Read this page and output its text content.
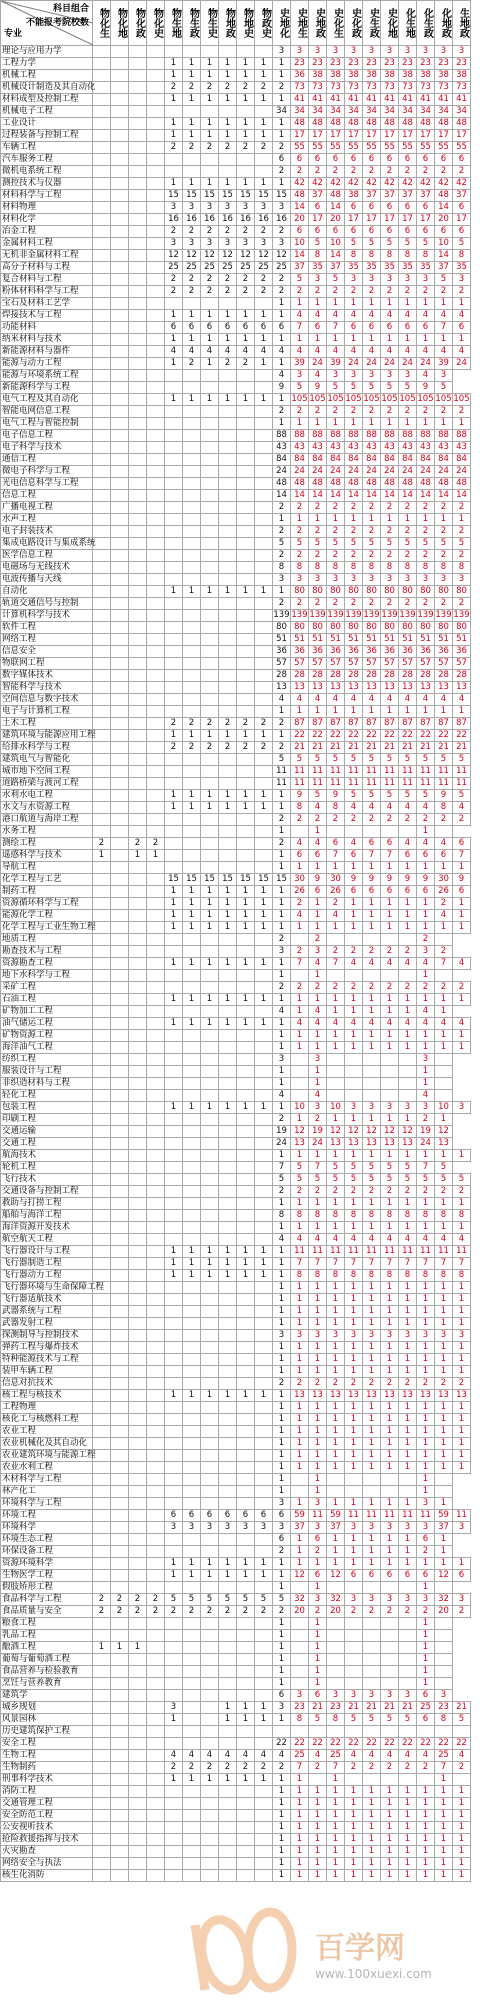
科目组合
不能报考院校数
专业	物化生	物化地	物化政	物化史	物生地	物生政	物生史	物地政	物地史	物政史	史地化	史地生	史地政	史化生	史化政	史生政	史化地	化生地	化生政	化地政	生地政

理论与应用力学											3	3	3	3	3	3	3	3	3	3	3
工程力学					1	1	1	1	1	1	1	23	23	23	23	23	23	23	23	23	23
机械工程					1	1	1	1	1	1	1	36	38	38	38	38	38	38	38	38	38
机械设计制造及其自动化					2	2	2	2	2	2	2	73	73	73	73	73	73	73	73	73	73
材料成型及控制工程					1	1	1	1	1	1	1	41	41	41	41	41	41	41	41	41	41
机械电子工程											34	34	34	34	34	34	34	34	34	34	34
工业设计					1	1	1	1	1	1	1	48	48	48	48	48	48	48	48	48	48
过程装备与控制工程					1	1	1	1	1	1	1	17	17	17	17	17	17	17	17	17	17
车辆工程					2	2	2	2	2	2	2	55	55	55	55	55	55	55	55	55	55
汽车服务工程											6	6	6	6	6	6	6	6	6	6	6
微机电系统工程											2	2	2	2	2	2	2	2	2	2	2
测控技术与仪器					1	1	1	1	1	1	1	42	42	42	42	42	42	42	42	42	42
材料科学与工程					15	15	15	15	15	15	15	48	37	48	38	37	37	37	37	48	37
材料物理					3	3	3	3	3	3	3	14	6	14	6	6	6	6	6	14	6
材料化学					16	16	16	16	16	16	16	20	17	20	17	17	17	17	17	20	17
冶金工程					2	2	2	2	2	2	2	6	6	6	6	6	6	6	6	6	6
金属材料工程					3	3	3	3	3	3	3	10	5	10	5	5	5	5	5	10	5
无机非金属材料工程					12	12	12	12	12	12	12	14	8	14	8	8	8	8	8	14	8
高分子材料与工程					25	25	25	25	25	25	25	37	35	37	35	35	35	35	35	37	35
复合材料与工程					2	2	2	2	2	2	2	5	3	5	3	3	3	3	3	5	3
粉体材料科学与工程					2	2	2	2	2	2	2	2	2	2	2	2	2	2	2	2	2
宝石及材料工艺学											1	1	1	1	1	1	1	1	1	1	1
焊接技术与工程					1	1	1	1	1	1	1	4	4	4	4	4	4	4	4	4	4
功能材料					6	6	6	6	6	6	6	7	6	7	6	6	6	6	6	7	6
纳米材料与技术					1	1	1	1	1	1	1	1	1	1	1	1	1	1	1	1	1
新能源材料与器件					4	4	4	4	4	4	4	4	4	4	4	4	4	4	4	4	4
能源与动力工程					1	2	1	2	2	1	1	39	24	39	24	24	24	24	24	39	24
能源与环境系统工程											4	3	4	3	3	3	3	3	4	3	
新能源科学与工程											9	5	9	5	5	5	5	5	9	5	
电气工程及其自动化					1	1	1	1	1	1	1	105	105	105	105	105	105	105	105	105	105
智能电网信息工程											2	2	2	2	2	2	2	2	2	2	2
电气工程与智能控制											1	1	1	1	1	1	1	1	1	1	1
电子信息工程											88	88	88	88	88	88	88	88	88	88	88
电子科学与技术											43	43	43	43	43	43	43	43	43	43	43
通信工程											84	84	84	84	84	84	84	84	84	84	84
微电子科学与工程											24	24	24	24	24	24	24	24	24	24	24
光电信息科学与工程											48	48	48	48	48	48	48	48	48	48	48
信息工程											14	14	14	14	14	14	14	14	14	14	14
广播电视工程											2	2	2	2	2	2	2	2	2	2	2
水声工程											1	1	1	1	1	1	1	1	1	1	1
电子封装技术											2	2	2	2	2	2	2	2	2	2	2
集成电路设计与集成系统											5	5	5	5	5	5	5	5	5	5	5
医学信息工程											2	2	2	2	2	2	2	2	2	2	2
电磁场与无线技术											8	8	8	8	8	8	8	8	8	8	8
电波传播与天线											3	3	3	3	3	3	3	3	3	3	3
自动化					1	1	1	1	1	1	1	80	80	80	80	80	80	80	80	80	80
轨道交通信号与控制											2	2	2	2	2	2	2	2	2	2	2
计算机科学与技术											139	139	139	139	139	139	139	139	139	139	139
软件工程											80	80	80	80	80	80	80	80	80	80	80
网络工程											51	51	51	51	51	51	51	51	51	51	51
信息安全											36	36	36	36	36	36	36	36	36	36	36
物联网工程											57	57	57	57	57	57	57	57	57	57	57
数字媒体技术											28	28	28	28	28	28	28	28	28	28	28
智能科学与技术											13	13	13	13	13	13	13	13	13	13	13
空间信息与数字技术											4	4	4	4	4	4	4	4	4	4	4
电子与计算机工程											1	1	1	1	1	1	1	1	1	1	1
土木工程					2	2	2	2	2	2	2	87	87	87	87	87	87	87	87	87	87
建筑环境与能源应用工程					1	1	1	1	1	1	1	22	22	22	22	22	22	22	22	22	22
给排水科学与工程					2	2	2	2	2	2	2	21	21	21	21	21	21	21	21	21	21
建筑电气与智能化											5	5	5	5	5	5	5	5	5	5	5
城市地下空间工程											11	11	11	11	11	11	11	11	11	11	11
道路桥梁与渡河工程											11	11	11	11	11	11	11	11	11	11	11
水利水电工程					1	1	1	1	1	1	1	9	5	9	5	5	5	5	5	9	5
水文与水资源工程					1	1	1	1	1	1	1	8	4	8	4	4	4	4	4	8	4
港口航道与海岸工程											2	2	2	2	2	2	2	2	2	2	2
水务工程											1		1						1		
测绘工程	2		2	2							2	4	4	6	4	6	6	4	4	4	6
遥感科学与技术	1		1	1							1	6	6	7	6	7	7	6	6	6	7
导航工程											1	1	1	1	1	1	1	1	1	1	1
化学工程与工艺					15	15	15	15	15	15	15	30	9	30	9	9	9	9	9	30	9
制药工程					1	1	1	1	1	1	1	26	6	26	6	6	6	6	6	26	6
资源循环科学与工程					1	1	1	1	1	1	1	2	1	2	1	1	1	1	1	2	1
能源化学工程					1	1	1	1	1	1	1	4	1	4	1	1	1	1	1	4	1
化学工程与工业生物工程					1	1	1	1	1	1	1	1	1	1	1	1	1	1	1	1	1
地质工程											2		2						2		
勘查技术与工程											3	2	3	2	2	2	2	2	3	2	
资源勘查工程					1	1	1	1	1	1	1	7	4	7	4	4	4	4	4	7	4
地下水科学与工程											1		1						1		
采矿工程											2	2	2	2	2	2	2	2	2	2	2
石油工程					1	1	1	1	1	1	1	1	1	1	1	1	1	1	1	1	1
矿物加工工程											4	1	4	1	1	1	1	1	4	1	
油气储运工程					1	1	1	1	1	1	1	4	4	4	4	4	4	4	4	4	4
矿物资源工程											1	1	1	1	1	1	1	1	1	1	1
海洋油气工程											1	1	1	1	1	1	1	1	1	1	1
纺织工程											3		3						3		
服装设计与工程											1		1						1		
非织造材料与工程											1		1						1		
轻化工程											4		4						4		
包装工程					1	1	1	1	1	1	1	10	3	10	3	3	3	3	3	10	3
印刷工程											2	1	2	1	1	1	1	1	2	1	
交通运输											19	12	19	12	12	12	12	12	19	12	
交通工程											24	13	24	13	13	13	13	13	24	13	
航海技术											1	1	1	1	1	1	1	1	1	1	1
轮机工程											7	5	7	5	5	5	5	5	7	5	
飞行技术											5	5	5	5	5	5	5	5	5	5	5
交通设备与控制工程											2	2	2	2	2	2	2	2	2	2	2
救助与打捞工程											1	1	1	1	1	1	1	1	1	1	1
船舶与海洋工程											8	8	8	8	8	8	8	8	8	8	8
海洋资源开发技术											1	1	1	1	1	1	1	1	1	1	1
航空航天工程											4	4	4	4	4	4	4	4	4	4	4
飞行器设计与工程					1	1	1	1	1	1	1	11	11	11	11	11	11	11	11	11	11
飞行器制造工程					1	1	1	1	1	1	1	7	7	7	7	7	7	7	7	7	7
飞行器动力工程					1	1	1	1	1	1	1	8	8	8	8	8	8	8	8	8	8
飞行器环境与生命保障工程											1	1	1	1	1	1	1	1	1	1	1
飞行器适航技术											1	1	1	1	1	1	1	1	1	1	1
武器系统与工程											1	1	1	1	1	1	1	1	1	1	1
武器发射工程											1	1	1	1	1	1	1	1	1	1	1
探测制导与控制技术											3	3	3	3	3	3	3	3	3	3	3
弹药工程与爆炸技术											1	1	1	1	1	1	1	1	1	1	1
特种能源技术与工程											1	1	1	1	1	1	1	1	1	1	1
装甲车辆工程											1	1	1	1	1	1	1	1	1	1	1
信息对抗技术											2	2	2	2	2	2	2	2	2	2	2
核工程与核技术					1	1	1	1	1	1	1	13	13	13	13	13	13	13	13	13	13
工程物理											1	1	1	1	1	1	1	1	1	1	1
核化工与核燃料工程											1	1	1	1	1	1	1	1	1	1	1
农业工程											1	1	1	1	1	1	1	1	1	1	1
农业机械化及其自动化											1	1	1	1	1	1	1	1	1	1	1
农业建筑环境与能源工程											1	1	1	1	1	1	1	1	1	1	1
农业水利工程											1	1	1	1	1	1	1	1	1	1	1
木材科学与工程											1		1						1		
林产化工											1		1						1		
环境科学与工程											3	1	3	1	1	1	1	1	3	1	
环境工程					6	6	6	6	6	6	6	59	11	59	11	11	11	11	11	59	11
环境科学					3	3	3	3	3	3	3	37	3	37	3	3	3	3	3	37	3
环境生态工程											6	1	6	1	1	1	1	1	6	1	
环保设备工程											2	1	2	1	1	1	1	1	2	1	
资源环境科学					1	1	1	1	1	1	1	1	1	1	1	1	1	1	1	1	1
生物医学工程					1	1	1	1	1	1	1	12	6	12	6	6	6	6	6	12	6
假肢矫形工程											1		1						1		
食品科学与工程	2	2	2	2	5	5	5	5	5	5	5	32	3	32	3	3	3	3	3	32	3
食品质量与安全	2	2	2	2	2	2	2	2	2	2	2	20	2	20	2	2	2	2	2	20	2
粮食工程											1		1						1		
乳品工程											1		1						1		
酿酒工程	1	1	1								1		1						1		
葡萄与葡萄酒工程											1		1						1		
食品营养与检验教育											1		1						1		
烹饪与营养教育											1		1						1		
建筑学											6	3	6	3	3	3	3	3	6	3	
城乡规划					3			1	1	1	3	23	21	23	21	21	21	21	25	23	21
风景园林					1			1	1	1	1	8	5	8	5	5	5	5	6	8	5
历史建筑保护工程																					
安全工程											22	22	22	22	22	22	22	22	22	22	22
生物工程					4	4	4	4	4	4	4	25	4	25	4	4	4	4	4	25	4
生物制药					2	2	2	2	2	2	2	7	2	7	2	2	2	2	2	7	2
刑事科学技术					1	1	1	1	1	1	1	1		1						1	
消防工程											1	1	1	1	1	1	1	1	1	1	1
交通管理工程											1	1	1	1	1	1	1	1	1	1	1
安全防范工程											1	1	1	1	1	1	1	1	1	1	1
公安视听技术											1	1	1	1	1	1	1	1	1	1	1
抢险救援指挥与技术											1	1	1	1	1	1	1	1	1	1	1
火灾勘查											1	1	1	1	1	1	1	1	1	1	1
网络安全与执法											1	1	1	1	1	1	1	1	1	1	1
核生化消防											1	1	1	1	1	1	1	1	1	1	1
百学网
www.100xuexi.com
